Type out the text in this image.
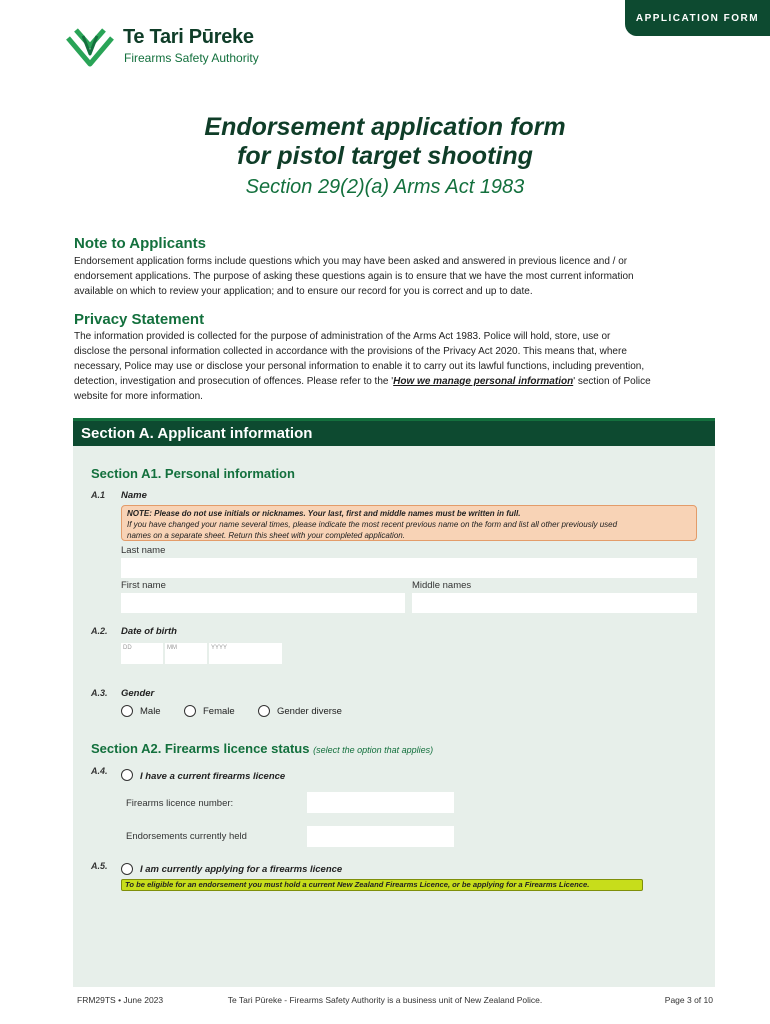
APPLICATION FORM
Te Tari Pūreke
Firearms Safety Authority
Endorsement application form
for pistol target shooting
Section 29(2)(a) Arms Act 1983
Note to Applicants
Endorsement application forms include questions which you may have been asked and answered in previous licence and / or
endorsement applications. The purpose of asking these questions again is to ensure that we have the most current information
available on which to review your application; and to ensure our record for you is correct and up to date.
Privacy Statement
The information provided is collected for the purpose of administration of the Arms Act 1983. Police will hold, store, use or
disclose the personal information collected in accordance with the provisions of the Privacy Act 2020. This means that, where
necessary, Police may use or disclose your personal information to enable it to carry out its lawful functions, including prevention,
detection, investigation and prosecution of offences. Please refer to the 'How we manage personal information' section of Police
website for more information.
Section A. Applicant information
Section A1. Personal information
A.1 Name
NOTE: Please do not use initials or nicknames. Your last, first and middle names must be written in full.
If you have changed your name several times, please indicate the most recent previous name on the form and list all other previously used
names on a separate sheet. Return this sheet with your completed application.
Last name
First name	Middle names
A.2. Date of birth
DD	MM	YYYY
A.3. Gender
Male	Female	Gender diverse
Section A2. Firearms licence status (select the option that applies)
A.4.	I have a current firearms licence
Firearms licence number:
Endorsements currently held
A.5.	I am currently applying for a firearms licence
To be eligible for an endorsement you must hold a current New Zealand Firearms Licence, or be applying for a Firearms Licence.
FRM29TS • June 2023	Te Tari Pūreke - Firearms Safety Authority is a business unit of New Zealand Police.	Page 3 of 10
